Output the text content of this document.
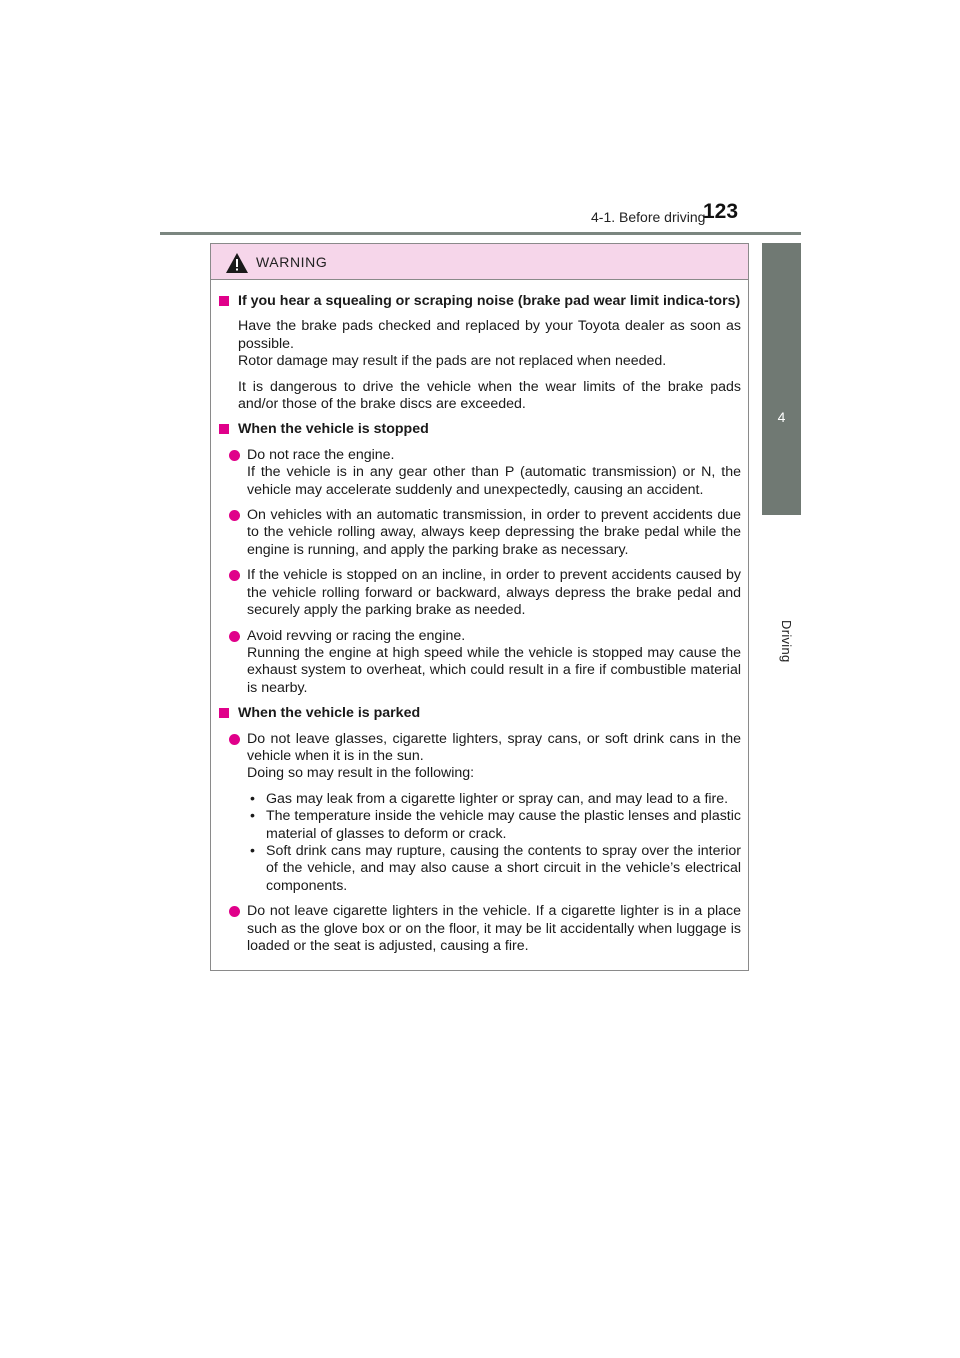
4-1. Before driving
123
4
Driving
WARNING
If you hear a squealing or scraping noise (brake pad wear limit indica-tors)
Have the brake pads checked and replaced by your Toyota dealer as soon as possible.
Rotor damage may result if the pads are not replaced when needed.
It is dangerous to drive the vehicle when the wear limits of the brake pads and/or those of the brake discs are exceeded.
When the vehicle is stopped
Do not race the engine.
If the vehicle is in any gear other than P (automatic transmission) or N, the vehicle may accelerate suddenly and unexpectedly, causing an accident.
On vehicles with an automatic transmission, in order to prevent accidents due to the vehicle rolling away, always keep depressing the brake pedal while the engine is running, and apply the parking brake as necessary.
If the vehicle is stopped on an incline, in order to prevent accidents caused by the vehicle rolling forward or backward, always depress the brake pedal and securely apply the parking brake as needed.
Avoid revving or racing the engine.
Running the engine at high speed while the vehicle is stopped may cause the exhaust system to overheat, which could result in a fire if combustible material is nearby.
When the vehicle is parked
Do not leave glasses, cigarette lighters, spray cans, or soft drink cans in the vehicle when it is in the sun.
Doing so may result in the following:
• Gas may leak from a cigarette lighter or spray can, and may lead to a fire.
• The temperature inside the vehicle may cause the plastic lenses and plastic material of glasses to deform or crack.
• Soft drink cans may rupture, causing the contents to spray over the interior of the vehicle, and may also cause a short circuit in the vehicle’s electrical components.
Do not leave cigarette lighters in the vehicle. If a cigarette lighter is in a place such as the glove box or on the floor, it may be lit accidentally when luggage is loaded or the seat is adjusted, causing a fire.
